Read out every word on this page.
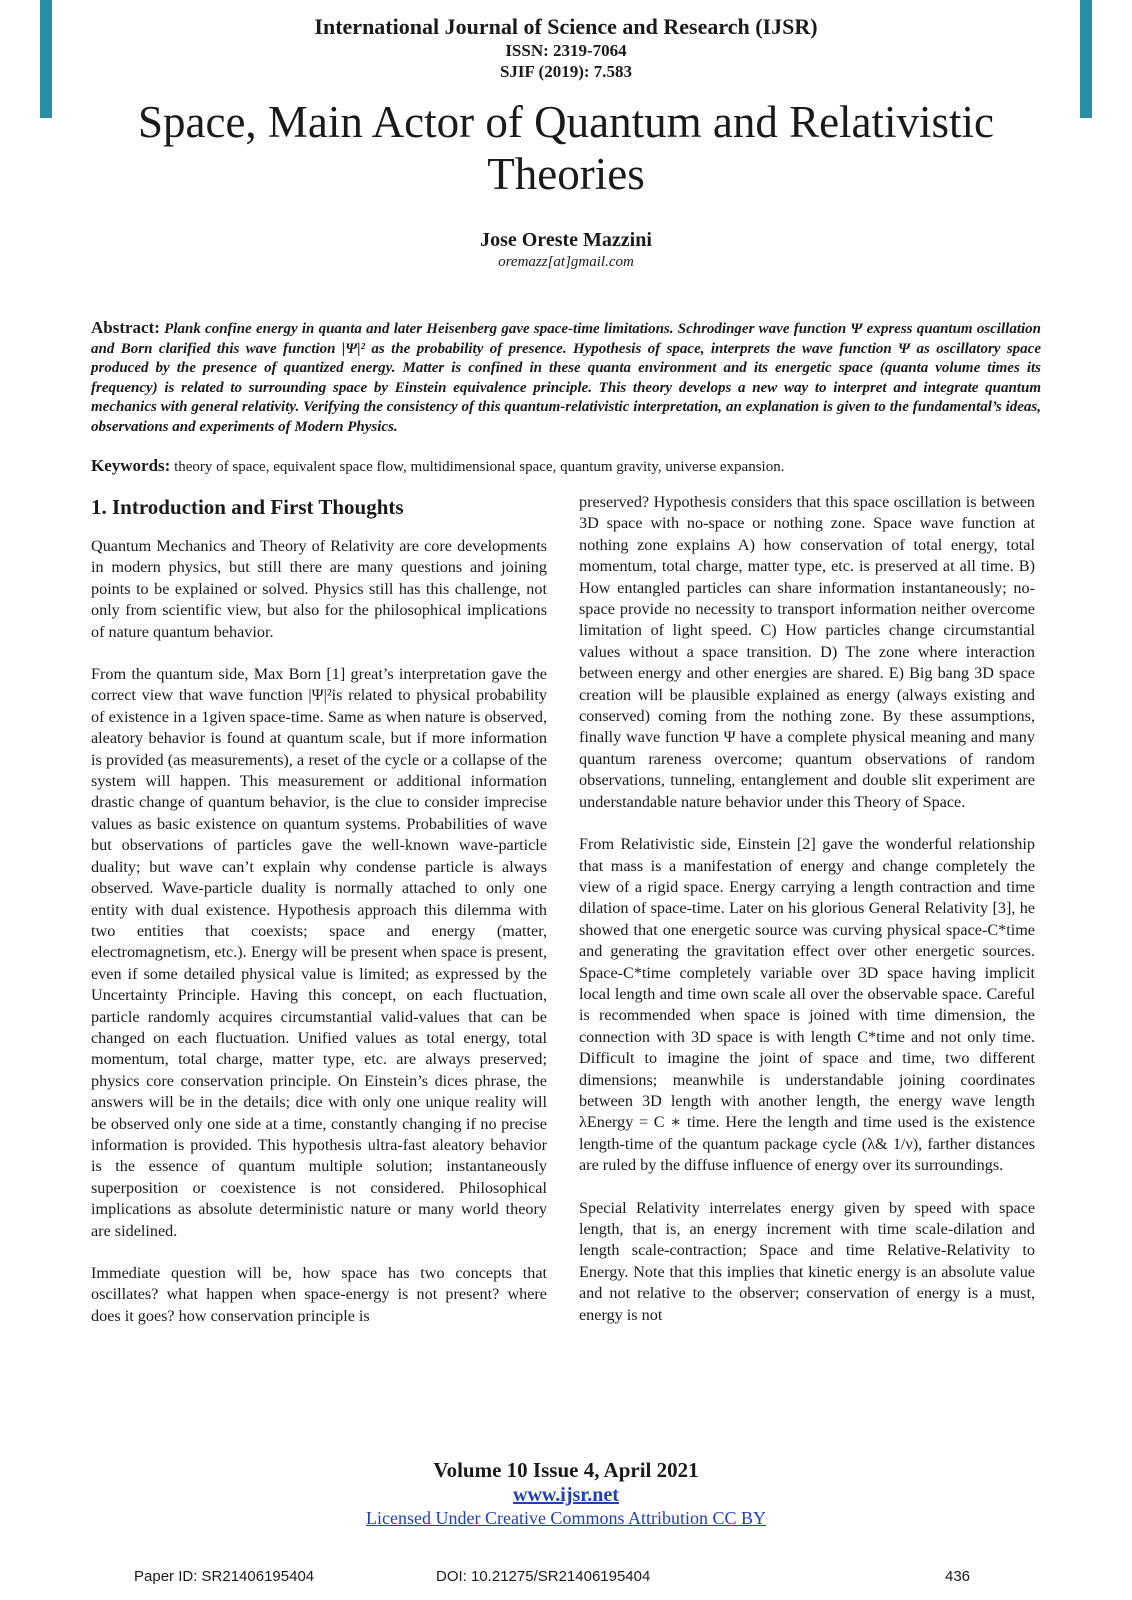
International Journal of Science and Research (IJSR)
ISSN: 2319-7064
SJIF (2019): 7.583
Space, Main Actor of Quantum and Relativistic Theories
Jose Oreste Mazzini
oremazz[at]gmail.com
Abstract: Plank confine energy in quanta and later Heisenberg gave space-time limitations. Schrodinger wave function Ψ express quantum oscillation and Born clarified this wave function |Ψ|² as the probability of presence. Hypothesis of space, interprets the wave function Ψ as oscillatory space produced by the presence of quantized energy. Matter is confined in these quanta environment and its energetic space (quanta volume times its frequency) is related to surrounding space by Einstein equivalence principle. This theory develops a new way to interpret and integrate quantum mechanics with general relativity. Verifying the consistency of this quantum-relativistic interpretation, an explanation is given to the fundamental’s ideas, observations and experiments of Modern Physics.
Keywords: theory of space, equivalent space flow, multidimensional space, quantum gravity, universe expansion.
1. Introduction and First Thoughts

Quantum Mechanics and Theory of Relativity are core developments in modern physics, but still there are many questions and joining points to be explained or solved. Physics still has this challenge, not only from scientific view, but also for the philosophical implications of nature quantum behavior.

From the quantum side, Max Born [1] great’s interpretation gave the correct view that wave function |Ψ|²is related to physical probability of existence in a 1given space-time. Same as when nature is observed, aleatory behavior is found at quantum scale, but if more information is provided (as measurements), a reset of the cycle or a collapse of the system will happen. This measurement or additional information drastic change of quantum behavior, is the clue to consider imprecise values as basic existence on quantum systems. Probabilities of wave but observations of particles gave the well-known wave-particle duality; but wave can’t explain why condense particle is always observed. Wave-particle duality is normally attached to only one entity with dual existence. Hypothesis approach this dilemma with two entities that coexists; space and energy (matter, electromagnetism, etc.). Energy will be present when space is present, even if some detailed physical value is limited; as expressed by the Uncertainty Principle. Having this concept, on each fluctuation, particle randomly acquires circumstantial valid-values that can be changed on each fluctuation. Unified values as total energy, total momentum, total charge, matter type, etc. are always preserved; physics core conservation principle. On Einstein’s dices phrase, the answers will be in the details; dice with only one unique reality will be observed only one side at a time, constantly changing if no precise information is provided. This hypothesis ultra-fast aleatory behavior is the essence of quantum multiple solution; instantaneously superposition or coexistence is not considered. Philosophical implications as absolute deterministic nature or many world theory are sidelined.

Immediate question will be, how space has two concepts that oscillates? what happen when space-energy is not present? where does it goes? how conservation principle is

preserved? Hypothesis considers that this space oscillation is between 3D space with no-space or nothing zone. Space wave function at nothing zone explains A) how conservation of total energy, total momentum, total charge, matter type, etc. is preserved at all time. B) How entangled particles can share information instantaneously; no-space provide no necessity to transport information neither overcome limitation of light speed. C) How particles change circumstantial values without a space transition. D) The zone where interaction between energy and other energies are shared. E) Big bang 3D space creation will be plausible explained as energy (always existing and conserved) coming from the nothing zone. By these assumptions, finally wave function Ψ have a complete physical meaning and many quantum rareness overcome; quantum observations of random observations, tunneling, entanglement and double slit experiment are understandable nature behavior under this Theory of Space.

From Relativistic side, Einstein [2] gave the wonderful relationship that mass is a manifestation of energy and change completely the view of a rigid space. Energy carrying a length contraction and time dilation of space-time. Later on his glorious General Relativity [3], he showed that one energetic source was curving physical space-C*time and generating the gravitation effect over other energetic sources. Space-C*time completely variable over 3D space having implicit local length and time own scale all over the observable space. Careful is recommended when space is joined with time dimension, the connection with 3D space is with length C*time and not only time. Difficult to imagine the joint of space and time, two different dimensions; meanwhile is understandable joining coordinates between 3D length with another length, the energy wave length λEnergy = C ∗ time. Here the length and time used is the existence length-time of the quantum package cycle (λ& 1/ν), farther distances are ruled by the diffuse influence of energy over its surroundings.

Special Relativity interrelates energy given by speed with space length, that is, an energy increment with time scale-dilation and length scale-contraction; Space and time Relative-Relativity to Energy. Note that this implies that kinetic energy is an absolute value and not relative to the observer; conservation of energy is a must, energy is not

Volume 10 Issue 4, April 2021
www.ijsr.net
Licensed Under Creative Commons Attribution CC BY
Paper ID: SR21406195404	DOI: 10.21275/SR21406195404	436
